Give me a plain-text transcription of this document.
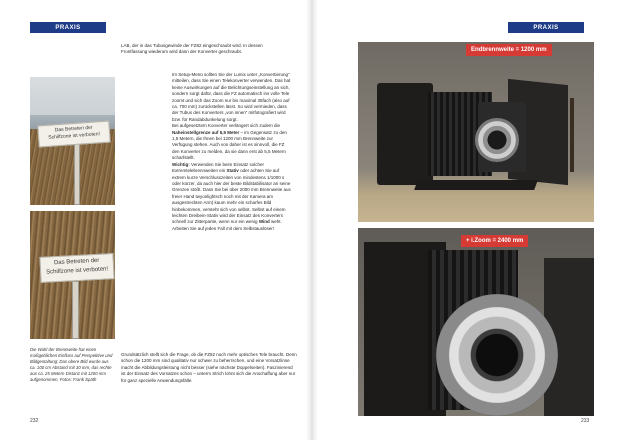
PRAXIS
Das Betreten der
Schilfzone ist verboten!
Das Betreten der
Schilfzone ist verboten!
Die Wahl der Brennweite hat einen maßgeblichen Einfluss auf Perspektive und Bildgestaltung: Das obere Bild wurde aus ca. 100 cm Abstand mit 30 mm, das rechte aus ca. 25 Metern Distanz mit 1200 mm aufgenommen. Fotos: Frank Späth

LAB, der in das Tubusgewinde der FZ82 eingeschraubt wird. In dessen Frontfassung wiederum wird dann der Konverter geschraubt.

Im Setup-Menü sollten Sie der Lumix unter „Konvertierung“ mitteilen, dass Sie einen Telekonverter verwenden. Das hat keine Auswirkungen auf die Belichtungseinstellung an sich, sondern sorgt dafür, dass die FZ automatisch ins volle Tele zoomt und sich das Zoom nur bis maximal 35fach (also auf ca. 700 mm) zurückstellen lässt. So wird vermieden, dass der Tubus des Konverters „von innen“ mitfotografiert wird bzw. für Randabdunkelung sorgt.

Bei aufgesetztem Konverter verlängert sich zudem die Naheinstellgrenze auf 5,5 Meter – im Gegensatz zu den 1,5 Metern, die Ihnen bei 1200 mm Brennweite zur Verfügung stehen. Auch von daher ist es sinnvoll, die FZ den Konverter zu melden, da sie dann erst ab 5,5 Metern scharfstellt.

Wichtig: Verwenden Sie beim Einsatz solcher Extremtelebrennweiten ein Stativ oder achten Sie auf extrem kurze Verschlusszeiten von mindestens 1/1000 s oder kürzer, da auch hier der beste Bildstabilisator an seine Grenzen stößt. Dass Sie bei über 2000 mm Brennweite aus freier Hand twyonlightsch noch mit der Kamera am ausgestreckten Arm) kaum mehr ein scharfes Bild hinbekommen, versteht sich von selbst. Selbst auf einem leichten Dreibein-Stativ wird der Einsatz des Konverters schnell zur Zitterpartie, wenn nur ein wenig Wind weht. Arbeiten Sie auf jeden Fall mit dem Selbstauslöser!

Grundsätzlich stellt sich die Frage, ob die FZ82 noch mehr optisches Tele braucht. Denn schon die 1200 mm sind qualitativ nur schwer zu beherrschen, und eine Vorsatzlinse macht die Abbildungsleistung nicht besser (siehe nächste Doppelseiten). Faszinierend ist der Einsatz des Vorsatzes schon – unterm Strich lohnt sich die Anschaffung aber nur für ganz spezielle Anwendungsfälle.

232
PRAXIS
Endbrennweite = 1200 mm
+ i.Zoom = 2400 mm
233
